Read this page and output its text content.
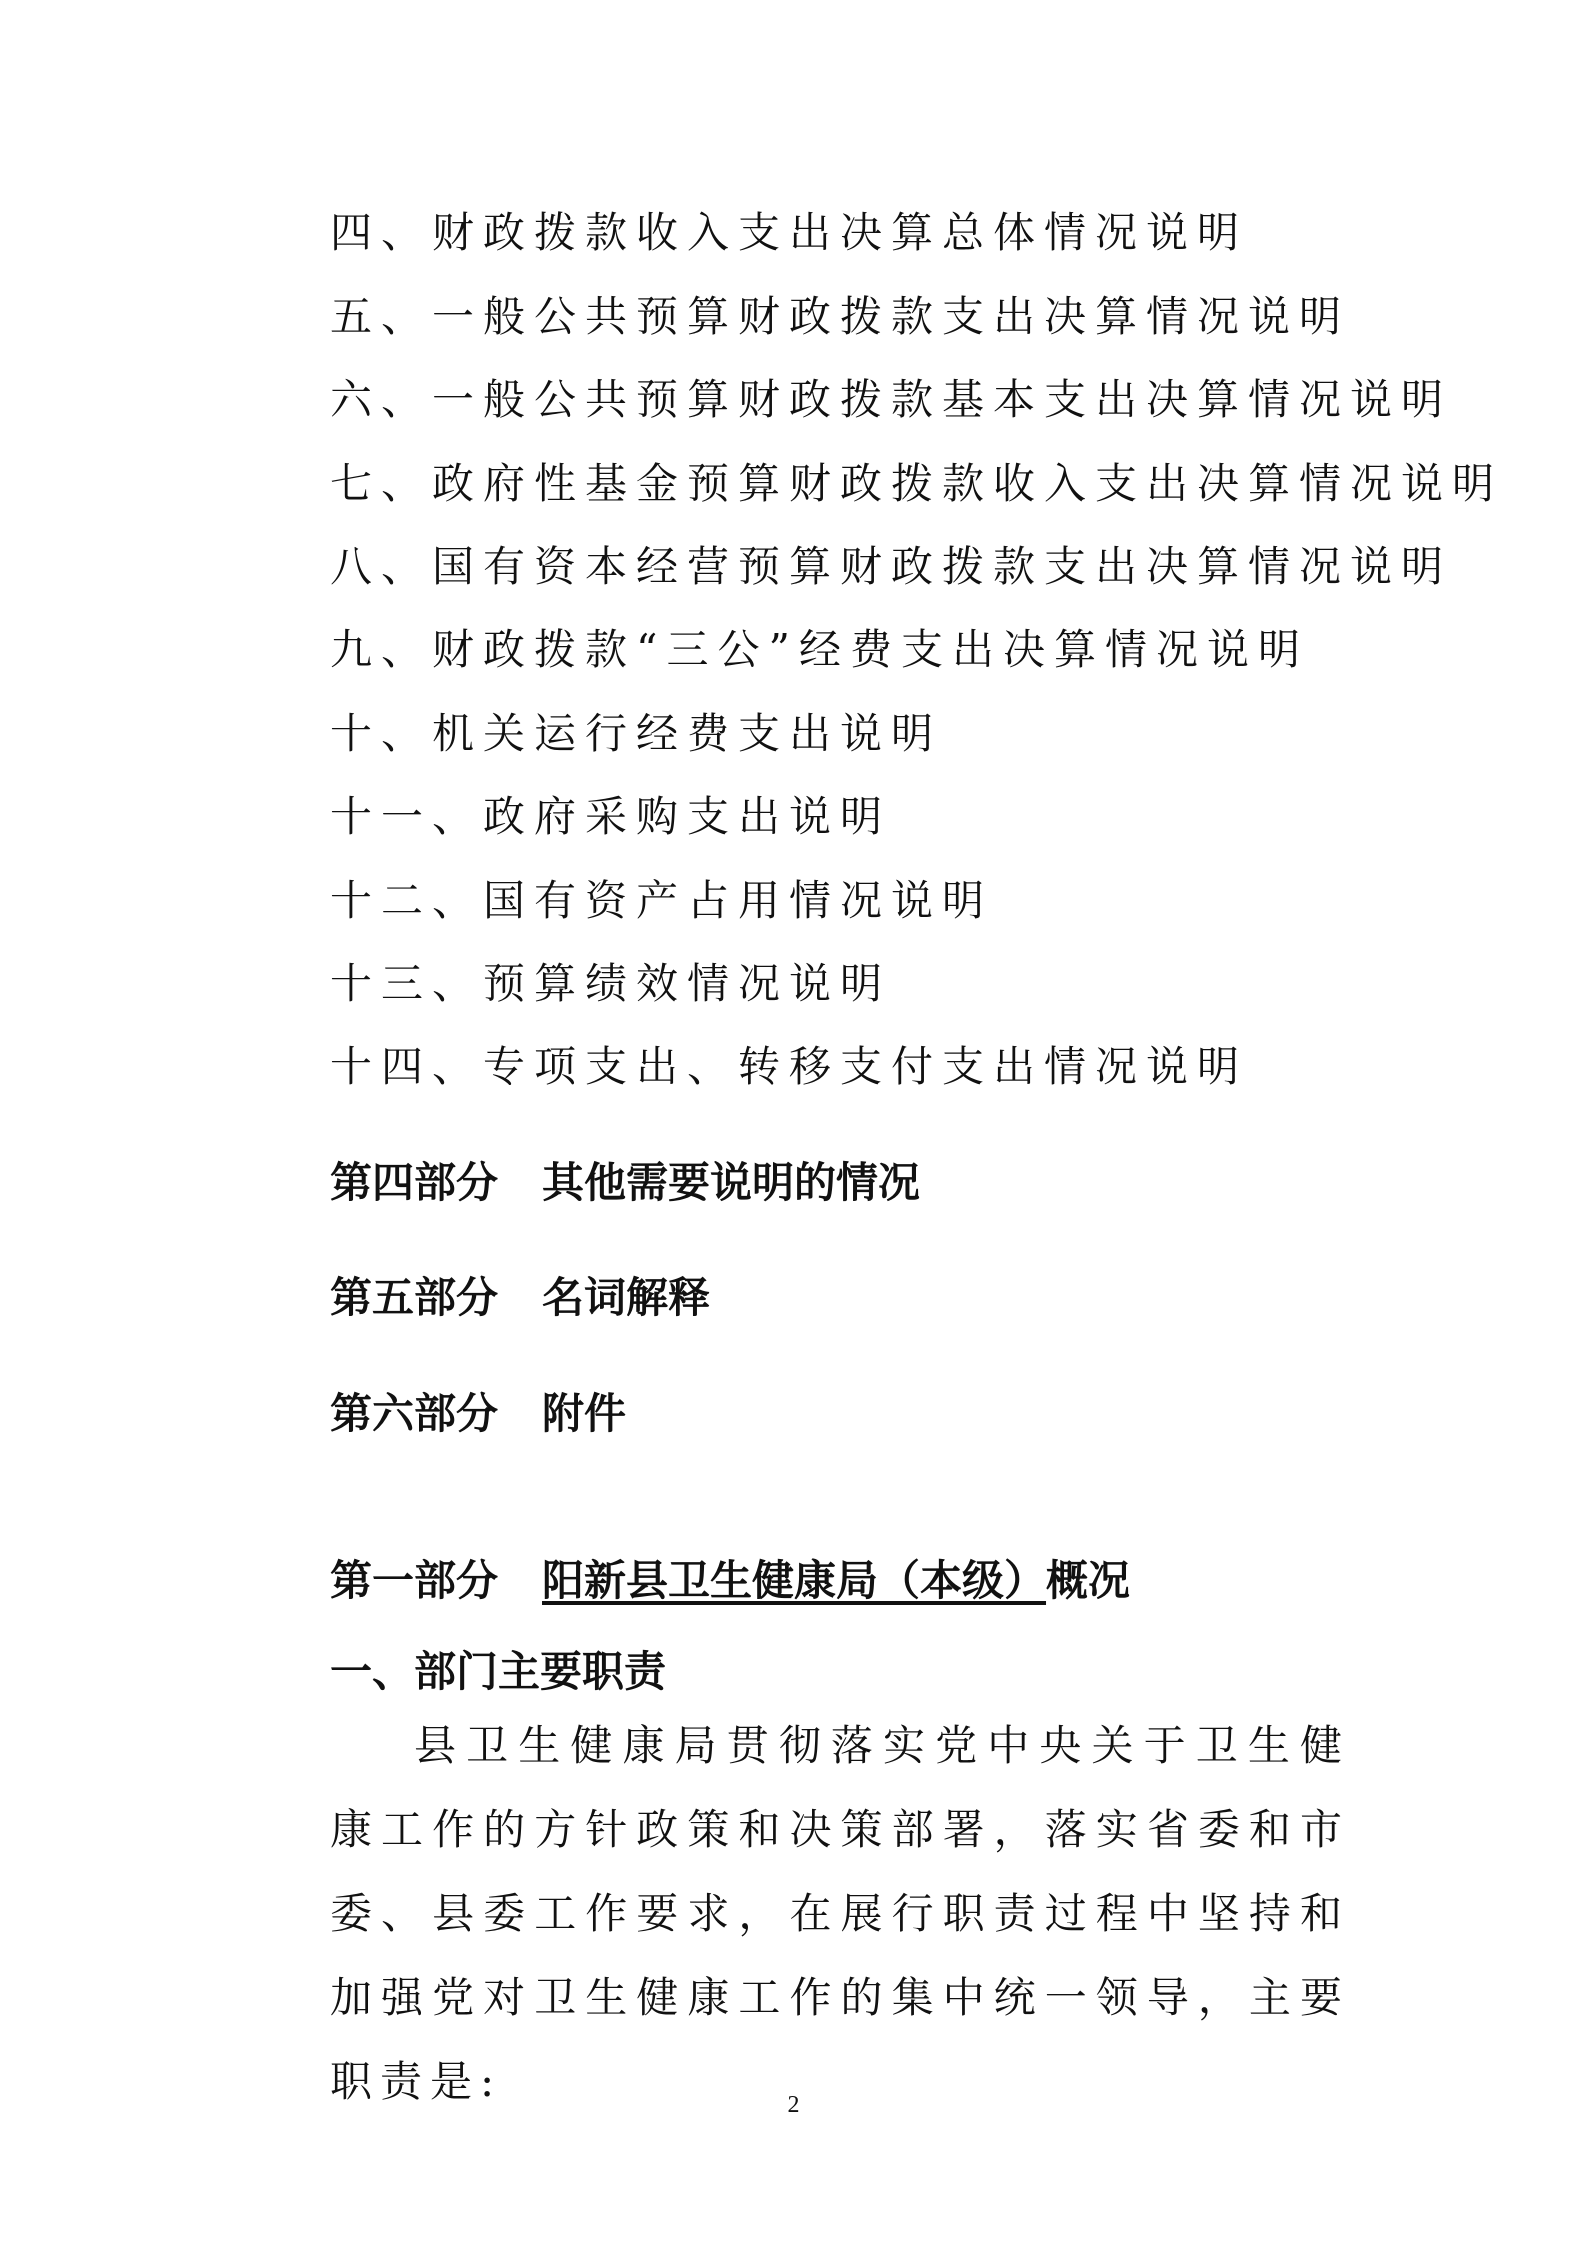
四、财政拨款收入支出决算总体情况说明
五、一般公共预算财政拨款支出决算情况说明
六、一般公共预算财政拨款基本支出决算情况说明
七、政府性基金预算财政拨款收入支出决算情况说明
八、国有资本经营预算财政拨款支出决算情况说明
九、财政拨款“三公”经费支出决算情况说明
十、机关运行经费支出说明
十一、政府采购支出说明
十二、国有资产占用情况说明
十三、预算绩效情况说明
十四、专项支出、转移支付支出情况说明
第四部分 其他需要说明的情况
第五部分 名词解释
第六部分 附件
第一部分 阳新县卫生健康局（本级）概况
一、部门主要职责
县卫生健康局贯彻落实党中央关于卫生健康工作的方针政策和决策部署，落实省委和市委、县委工作要求，在展行职责过程中坚持和加强党对卫生健康工作的集中统一领导，主要职责是:	2
